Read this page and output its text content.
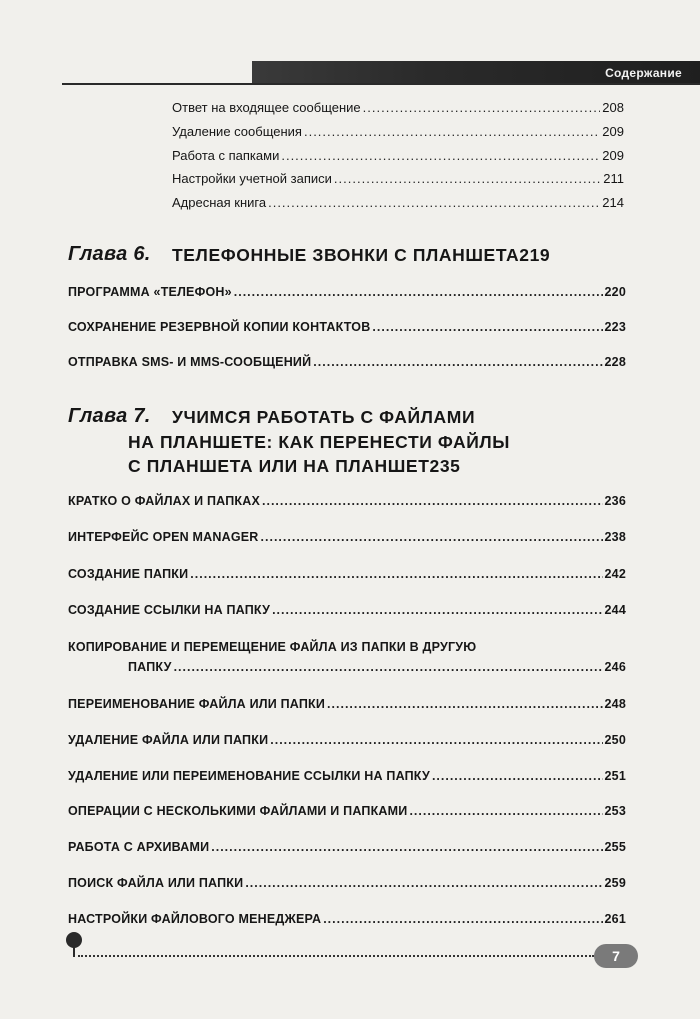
Содержание
Ответ на входящее сообщение .....	208
Удаление сообщения .....	209
Работа с папками .....	209
Настройки учетной записи .....	211
Адресная книга .....	214
Глава 6. ТЕЛЕФОННЫЕ ЗВОНКИ С ПЛАНШЕТА 219
ПРОГРАММА «ТЕЛЕФОН» .....	220
СОХРАНЕНИЕ РЕЗЕРВНОЙ КОПИИ КОНТАКТОВ .....	223
ОТПРАВКА SMS- И MMS-СООБЩЕНИЙ .....	228
Глава 7. УЧИМСЯ РАБОТАТЬ С ФАЙЛАМИ
НА ПЛАНШЕТЕ: КАК ПЕРЕНЕСТИ ФАЙЛЫ
С ПЛАНШЕТА ИЛИ НА ПЛАНШЕТ 235
КРАТКО О ФАЙЛАХ И ПАПКАХ .....	236
ИНТЕРФЕЙС OPEN MANAGER .....	238
СОЗДАНИЕ ПАПКИ .....	242
СОЗДАНИЕ ССЫЛКИ НА ПАПКУ .....	244
КОПИРОВАНИЕ И ПЕРЕМЕЩЕНИЕ ФАЙЛА ИЗ ПАПКИ В ДРУГУЮ
ПАПКУ .....	246
ПЕРЕИМЕНОВАНИЕ ФАЙЛА ИЛИ ПАПКИ .....	248
УДАЛЕНИЕ ФАЙЛА ИЛИ ПАПКИ .....	250
УДАЛЕНИЕ ИЛИ ПЕРЕИМЕНОВАНИЕ ССЫЛКИ НА ПАПКУ .....	251
ОПЕРАЦИИ С НЕСКОЛЬКИМИ ФАЙЛАМИ И ПАПКАМИ .....	253
РАБОТА С АРХИВАМИ .....	255
ПОИСК ФАЙЛА ИЛИ ПАПКИ .....	259
НАСТРОЙКИ ФАЙЛОВОГО МЕНЕДЖЕРА .....	261
7
